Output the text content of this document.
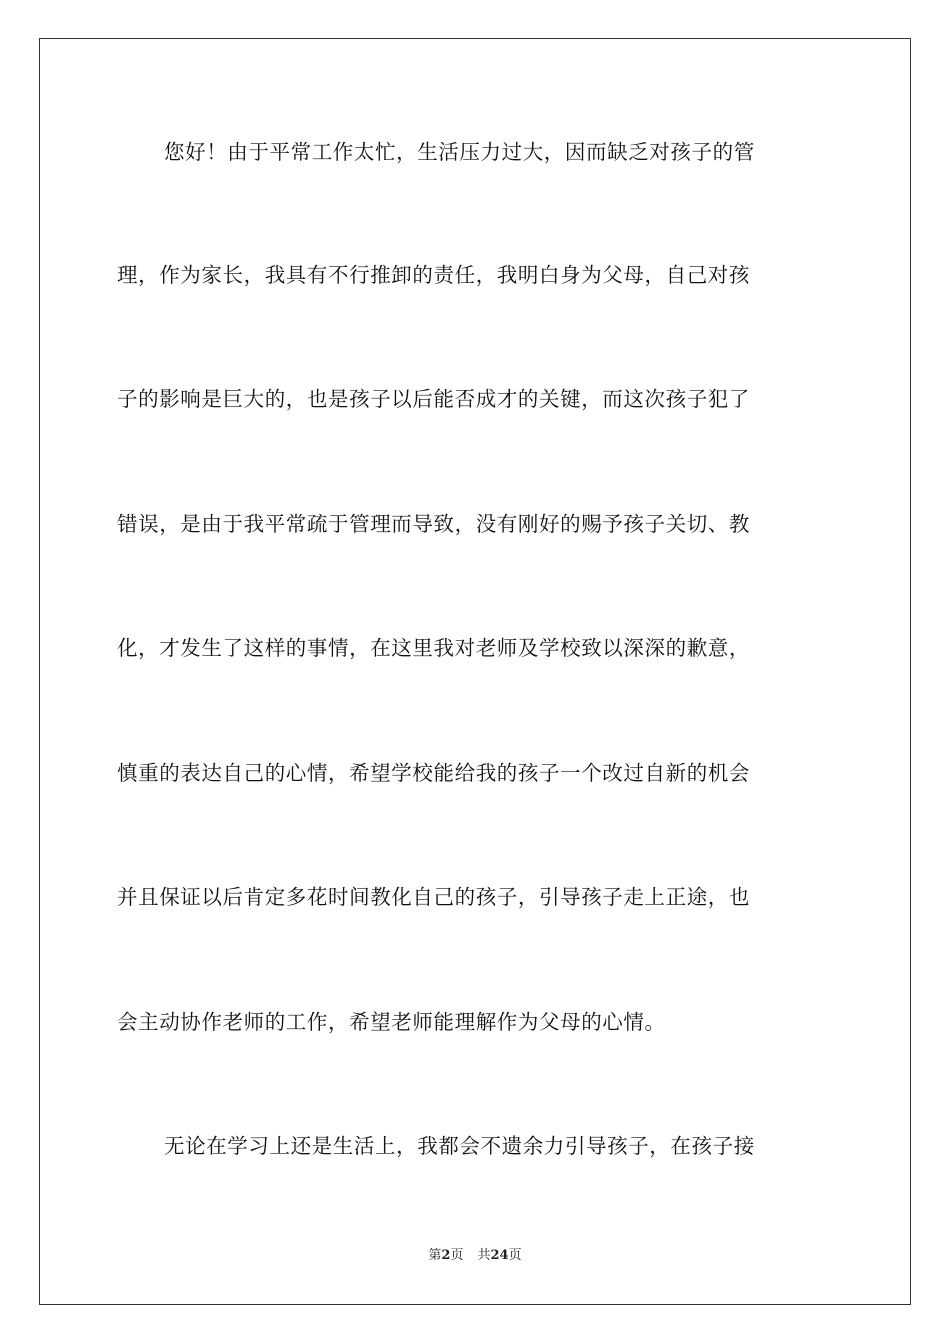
您好！由于平常工作太忙，生活压力过大，因而缺乏对孩子的管
理，作为家长，我具有不行推卸的责任，我明白身为父母，自己对孩
子的影响是巨大的，也是孩子以后能否成才的关键，而这次孩子犯了
错误，是由于我平常疏于管理而导致，没有刚好的赐予孩子关切、教
化，才发生了这样的事情，在这里我对老师及学校致以深深的歉意，
慎重的表达自己的心情，希望学校能给我的孩子一个改过自新的机会
并且保证以后肯定多花时间教化自己的孩子，引导孩子走上正途，也
会主动协作老师的工作，希望老师能理解作为父母的心情。
无论在学习上还是生活上，我都会不遗余力引导孩子，在孩子接
第2页 共24页
